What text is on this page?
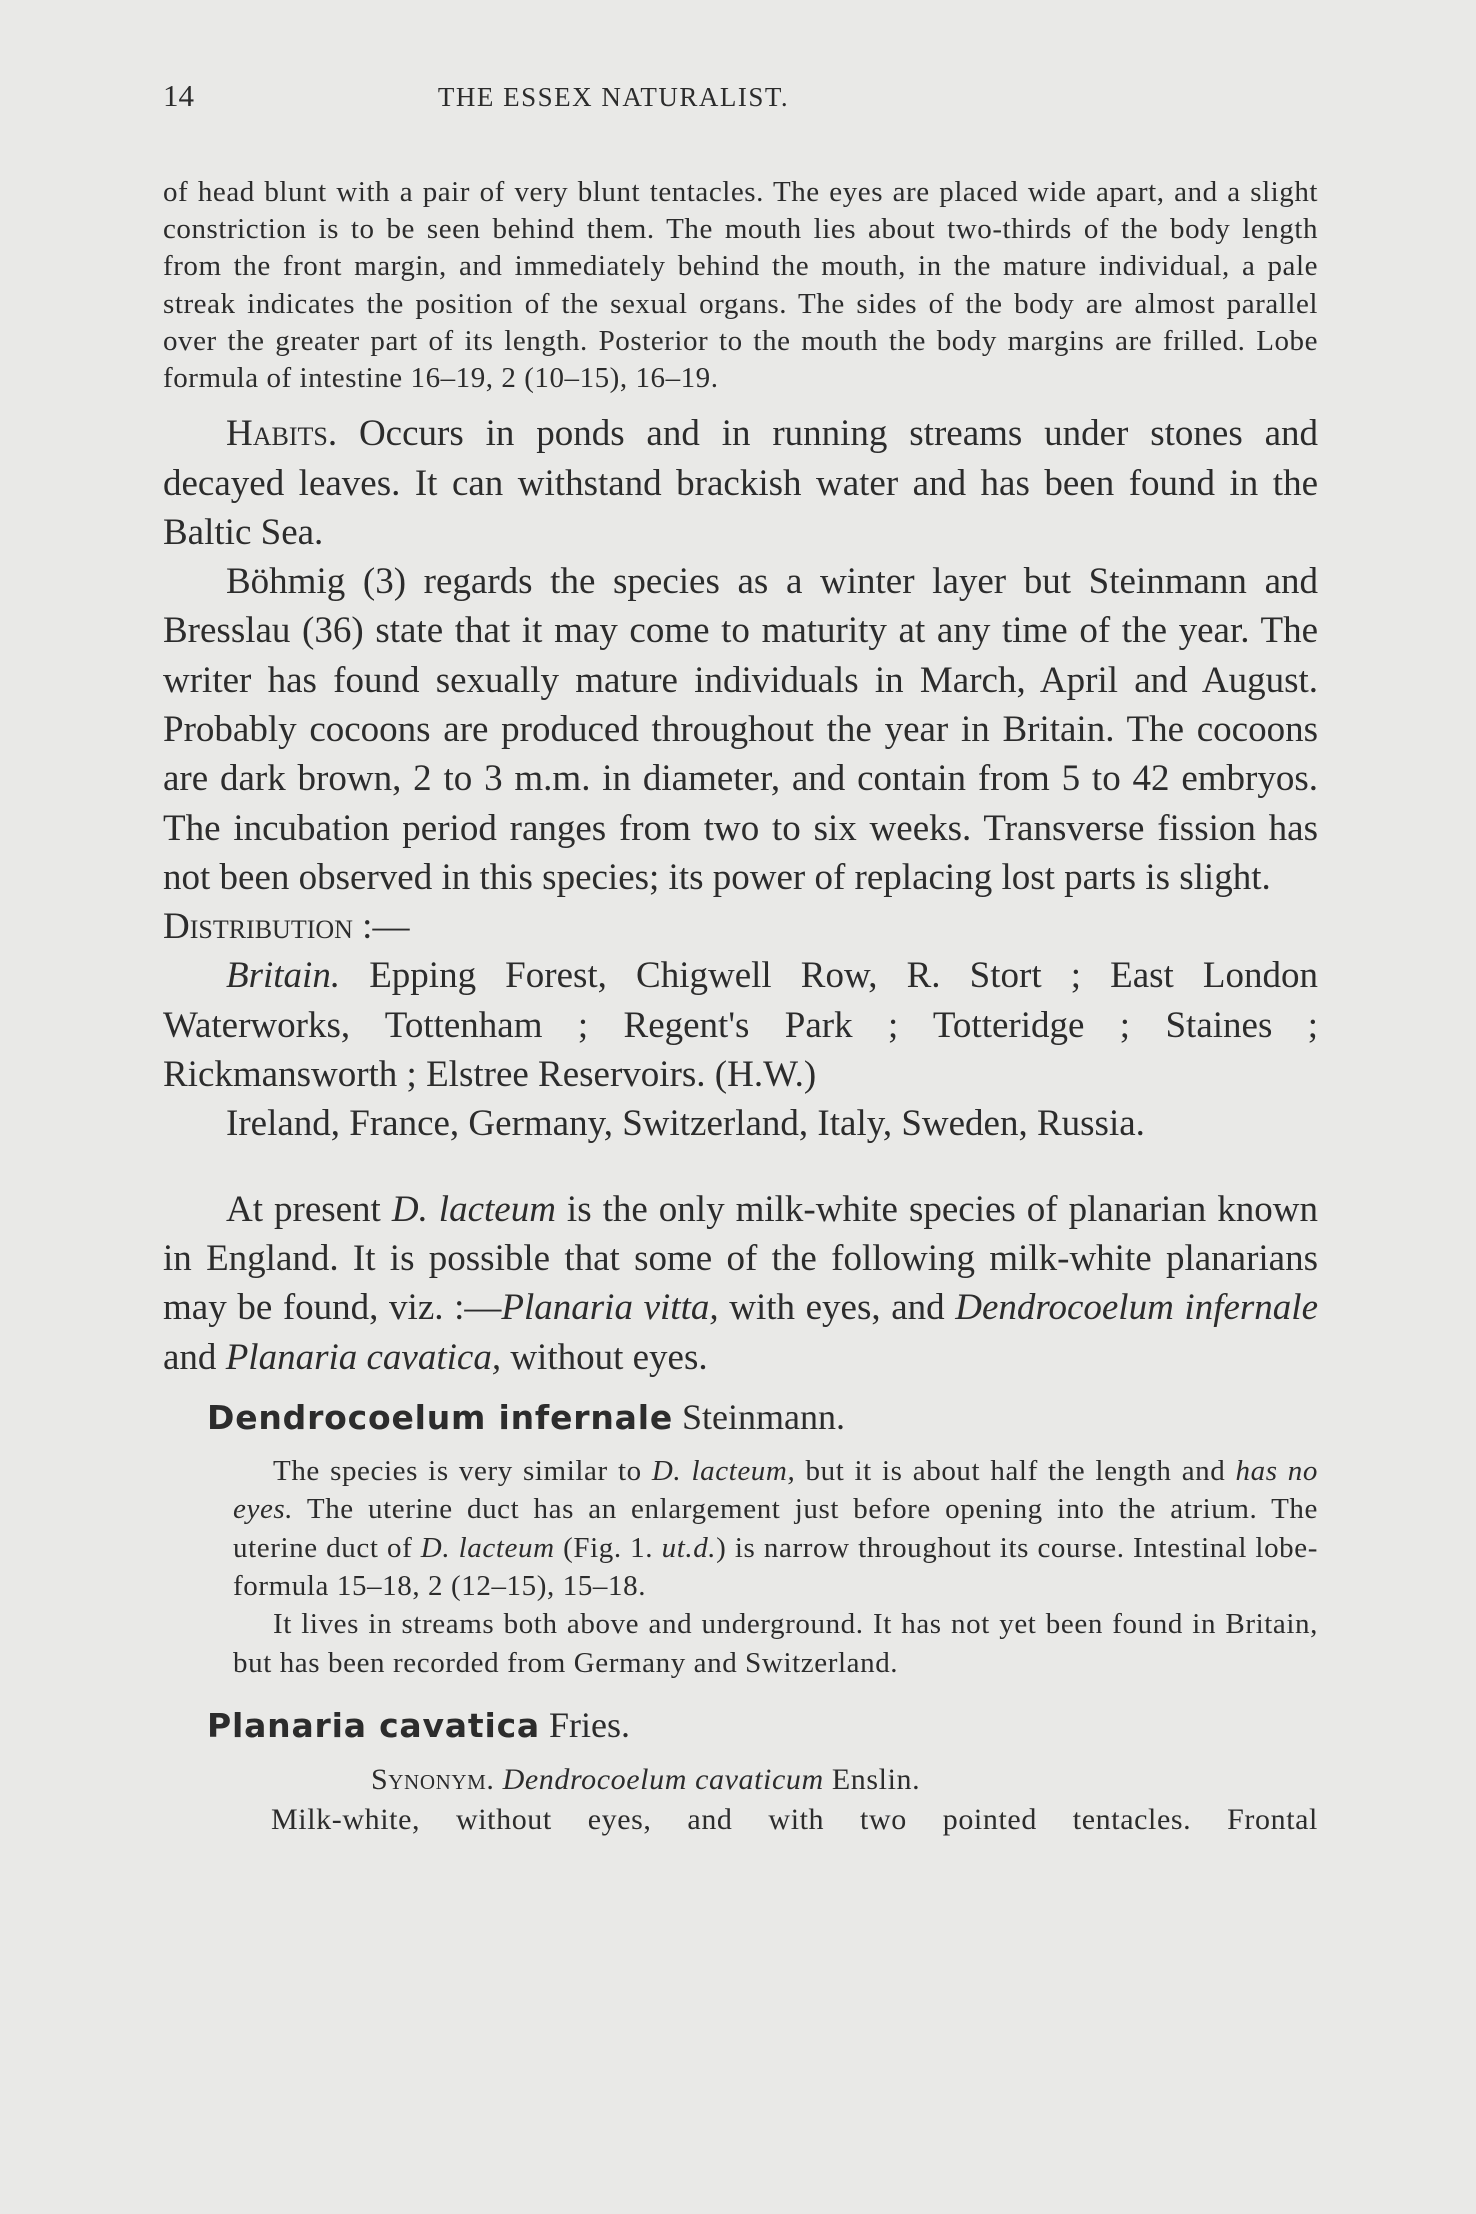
14	THE ESSEX NATURALIST.

of head blunt with a pair of very blunt tentacles. The eyes are placed wide apart, and a slight constriction is to be seen behind them. The mouth lies about two-thirds of the body length from the front margin, and immediately behind the mouth, in the mature individual, a pale streak indicates the position of the sexual organs. The sides of the body are almost parallel over the greater part of its length. Posterior to the mouth the body margins are frilled. Lobe formula of intestine 16–19, 2 (10–15), 16–19.

Habits. Occurs in ponds and in running streams under stones and decayed leaves. It can withstand brackish water and has been found in the Baltic Sea.

Böhmig (3) regards the species as a winter layer but Steinmann and Bresslau (36) state that it may come to maturity at any time of the year. The writer has found sexually mature individuals in March, April and August. Probably cocoons are produced throughout the year in Britain. The cocoons are dark brown, 2 to 3 m.m. in diameter, and contain from 5 to 42 embryos. The incubation period ranges from two to six weeks. Transverse fission has not been observed in this species; its power of replacing lost parts is slight.

Distribution :—

Britain. Epping Forest, Chigwell Row, R. Stort ; East London Waterworks, Tottenham ; Regent's Park ; Totteridge ; Staines ; Rickmansworth ; Elstree Reservoirs. (H.W.)

Ireland, France, Germany, Switzerland, Italy, Sweden, Russia.

At present D. lacteum is the only milk-white species of planarian known in England. It is possible that some of the following milk-white planarians may be found, viz. :—Planaria vitta, with eyes, and Dendrocoelum infernale and Planaria cavatica, without eyes.

Dendrocoelum infernale Steinmann.

The species is very similar to D. lacteum, but it is about half the length and has no eyes. The uterine duct has an enlargement just before opening into the atrium. The uterine duct of D. lacteum (Fig. 1. ut.d.) is narrow throughout its course. Intestinal lobe-formula 15–18, 2 (12–15), 15–18.

It lives in streams both above and underground. It has not yet been found in Britain, but has been recorded from Germany and Switzerland.

Planaria cavatica Fries.

Synonym. Dendrocoelum cavaticum Enslin.

Milk-white, without eyes, and with two pointed tentacles. Frontal
